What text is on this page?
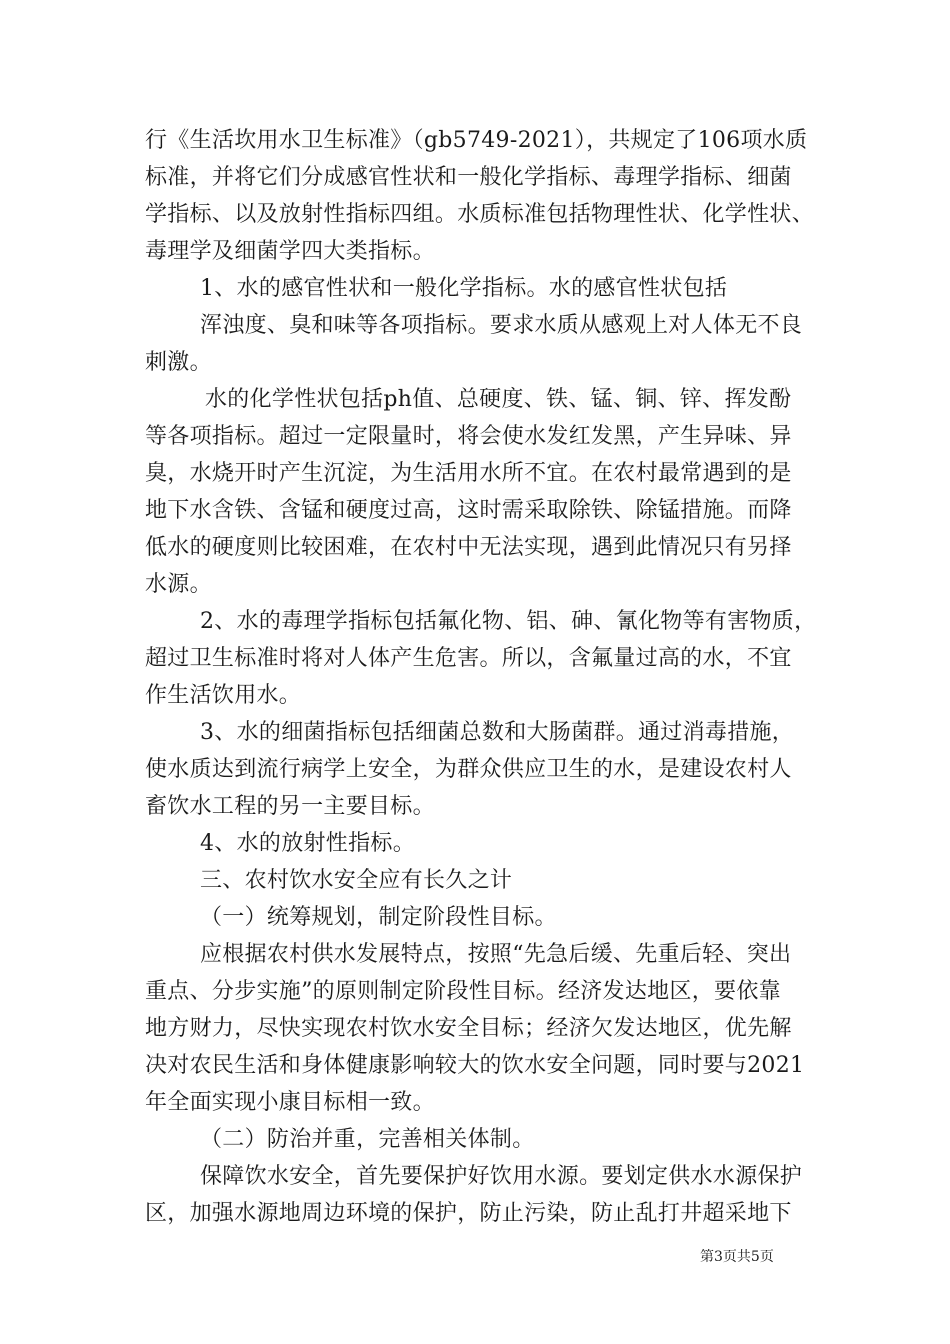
行《生活坎用水卫生标准》（gb5749-2021），共规定了106项水质
标准，并将它们分成感官性状和一般化学指标、毒理学指标、细菌
学指标、以及放射性指标四组。水质标准包括物理性状、化学性状、
毒理学及细菌学四大类指标。
1、水的感官性状和一般化学指标。水的感官性状包括
浑浊度、臭和味等各项指标。要求水质从感观上对人体无不良
刺激。
水的化学性状包括ph值、总硬度、铁、锰、铜、锌、挥发酚
等各项指标。超过一定限量时，将会使水发红发黑，产生异味、异
臭，水烧开时产生沉淀，为生活用水所不宜。在农村最常遇到的是
地下水含铁、含锰和硬度过高，这时需采取除铁、除锰措施。而降
低水的硬度则比较困难，在农村中无法实现，遇到此情况只有另择
水源。
2、水的毒理学指标包括氟化物、铝、砷、氰化物等有害物质，
超过卫生标准时将对人体产生危害。所以，含氟量过高的水，不宜
作生活饮用水。
3、水的细菌指标包括细菌总数和大肠菌群。通过消毒措施，
使水质达到流行病学上安全，为群众供应卫生的水，是建设农村人
畜饮水工程的另一主要目标。
4、水的放射性指标。
三、农村饮水安全应有长久之计
（一）统筹规划，制定阶段性目标。
应根据农村供水发展特点，按照“先急后缓、先重后轻、突出
重点、分步实施”的原则制定阶段性目标。经济发达地区，要依靠
地方财力，尽快实现农村饮水安全目标；经济欠发达地区，优先解
决对农民生活和身体健康影响较大的饮水安全问题，同时要与2021
年全面实现小康目标相一致。
（二）防治并重，完善相关体制。
保障饮水安全，首先要保护好饮用水源。要划定供水水源保护
区，加强水源地周边环境的保护，防止污染，防止乱打井超采地下
第3页共5页
